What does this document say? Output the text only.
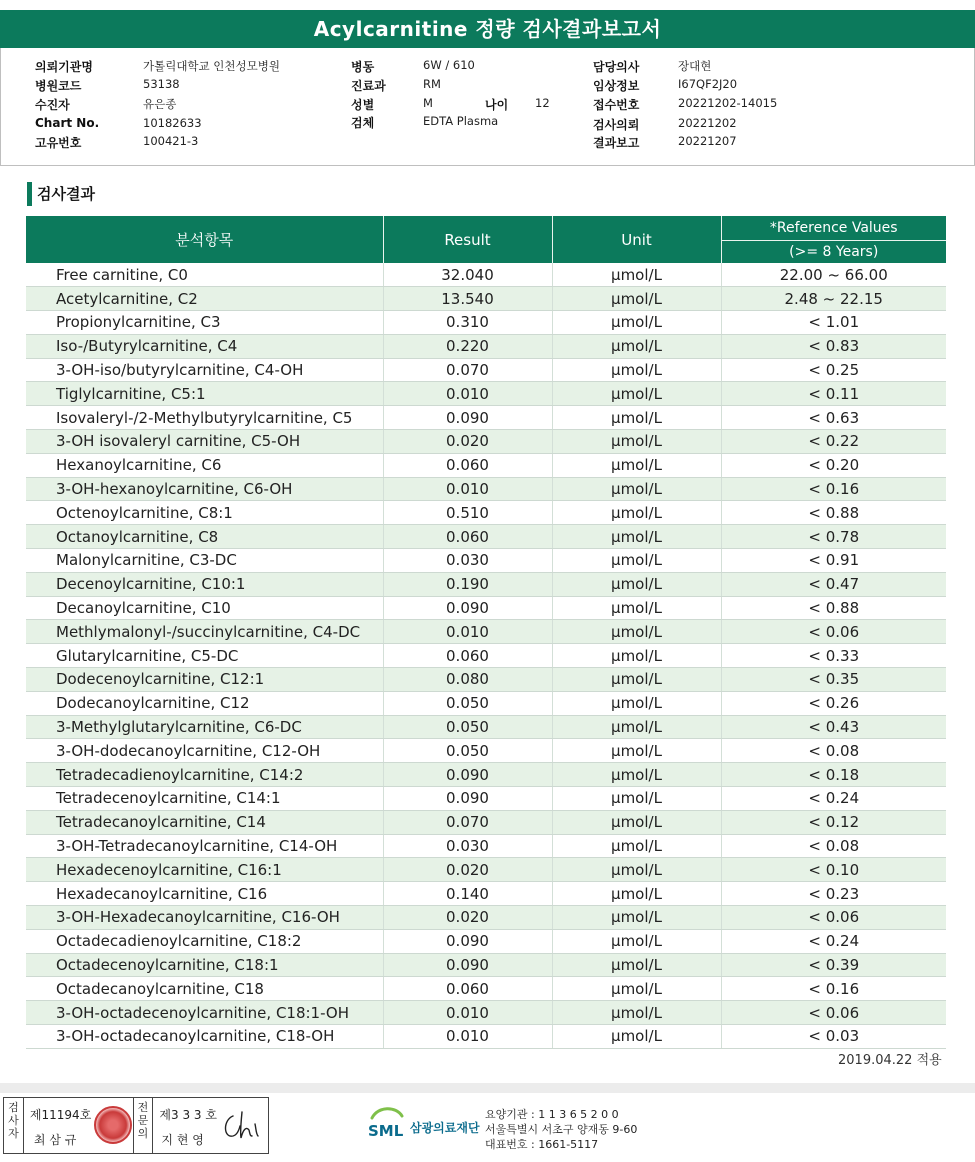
Acylcarnitine 정량 검사결과보고서
의뢰기관명	가톨릭대학교 인천성모병원
병원코드	53138
수진자	유은종
Chart No.	10182633
고유번호	100421-3
병동	6W / 610
진료과	RM
성별	M	나이 12
검체	EDTA Plasma
담당의사	장대현
임상정보	I67QF2J20
접수번호	20221202-14015
검사의뢰	20221202
결과보고	20221207
검사결과
분석항목	Result	Unit	*Reference Values
			(>= 8 Years)
Free carnitine, C0	32.040	µmol/L	22.00 ~ 66.00
Acetylcarnitine, C2	13.540	µmol/L	2.48 ~ 22.15
Propionylcarnitine, C3	0.310	µmol/L	< 1.01
Iso-/Butyrylcarnitine, C4	0.220	µmol/L	< 0.83
3-OH-iso/butyrylcarnitine, C4-OH	0.070	µmol/L	< 0.25
Tiglylcarnitine, C5:1	0.010	µmol/L	< 0.11
Isovaleryl-/2-Methylbutyrylcarnitine, C5	0.090	µmol/L	< 0.63
3-OH isovaleryl carnitine, C5-OH	0.020	µmol/L	< 0.22
Hexanoylcarnitine, C6	0.060	µmol/L	< 0.20
3-OH-hexanoylcarnitine, C6-OH	0.010	µmol/L	< 0.16
Octenoylcarnitine, C8:1	0.510	µmol/L	< 0.88
Octanoylcarnitine, C8	0.060	µmol/L	< 0.78
Malonylcarnitine, C3-DC	0.030	µmol/L	< 0.91
Decenoylcarnitine, C10:1	0.190	µmol/L	< 0.47
Decanoylcarnitine, C10	0.090	µmol/L	< 0.88
Methlymalonyl-/succinylcarnitine, C4-DC	0.010	µmol/L	< 0.06
Glutarylcarnitine, C5-DC	0.060	µmol/L	< 0.33
Dodecenoylcarnitine, C12:1	0.080	µmol/L	< 0.35
Dodecanoylcarnitine, C12	0.050	µmol/L	< 0.26
3-Methylglutarylcarnitine, C6-DC	0.050	µmol/L	< 0.43
3-OH-dodecanoylcarnitine, C12-OH	0.050	µmol/L	< 0.08
Tetradecadienoylcarnitine, C14:2	0.090	µmol/L	< 0.18
Tetradecenoylcarnitine, C14:1	0.090	µmol/L	< 0.24
Tetradecanoylcarnitine, C14	0.070	µmol/L	< 0.12
3-OH-Tetradecanoylcarnitine, C14-OH	0.030	µmol/L	< 0.08
Hexadecenoylcarnitine, C16:1	0.020	µmol/L	< 0.10
Hexadecanoylcarnitine, C16	0.140	µmol/L	< 0.23
3-OH-Hexadecanoylcarnitine, C16-OH	0.020	µmol/L	< 0.06
Octadecadienoylcarnitine, C18:2	0.090	µmol/L	< 0.24
Octadecenoylcarnitine, C18:1	0.090	µmol/L	< 0.39
Octadecanoylcarnitine, C18	0.060	µmol/L	< 0.16
3-OH-octadecenoylcarnitine, C18:1-OH	0.010	µmol/L	< 0.06
3-OH-octadecanoylcarnitine, C18-OH	0.010	µmol/L	< 0.03
2019.04.22 적용
검
사
자
제11194호
최 삼 규
전
문
의
제3 3 3 호
지 현 영	SML 삼광의료재단
요양기관 : 1 1 3 6 5 2 0 0
서울특별시 서초구 양재동 9-60
대표번호 : 1661-5117
